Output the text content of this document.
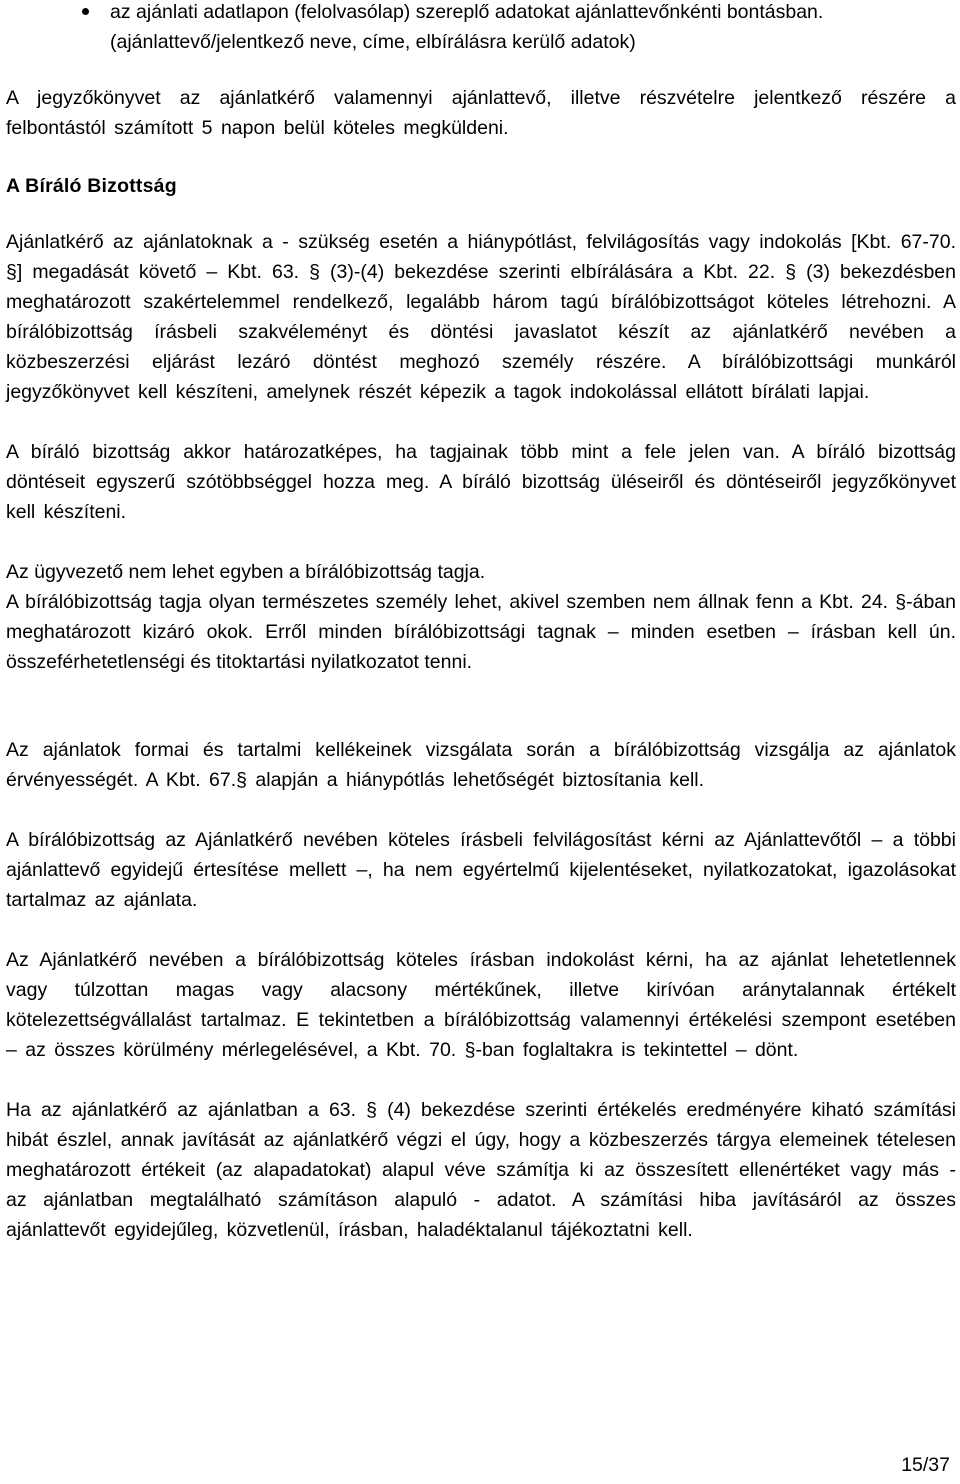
az ajánlati adatlapon (felolvasólap) szereplő adatokat ajánlattevőnkénti bontásban. (ajánlattevő/jelentkező neve, címe, elbírálásra kerülő adatok)

A jegyzőkönyvet az ajánlatkérő valamennyi ajánlattevő, illetve részvételre jelentkező részére a felbontástól számított 5 napon belül köteles megküldeni.

A Bíráló Bizottság

Ajánlatkérő az ajánlatoknak a - szükség esetén a hiánypótlást, felvilágosítás vagy indokolás [Kbt. 67-70. §] megadását követő – Kbt. 63. § (3)-(4) bekezdése szerinti elbírálására a Kbt. 22. § (3) bekezdésben meghatározott szakértelemmel rendelkező, legalább három tagú bírálóbizottságot köteles létrehozni. A bírálóbizottság írásbeli szakvéleményt és döntési javaslatot készít az ajánlatkérő nevében a közbeszerzési eljárást lezáró döntést meghozó személy részére. A bírálóbizottsági munkáról jegyzőkönyvet kell készíteni, amelynek részét képezik a tagok indokolással ellátott bírálati lapjai.

A bíráló bizottság akkor határozatképes, ha tagjainak több mint a fele jelen van. A bíráló bizottság döntéseit egyszerű szótöbbséggel hozza meg. A bíráló bizottság üléseiről és döntéseiről jegyzőkönyvet kell készíteni.

Az ügyvezető nem lehet egyben a bírálóbizottság tagja.

A bírálóbizottság tagja olyan természetes személy lehet, akivel szemben nem állnak fenn a Kbt. 24. §-ában meghatározott kizáró okok. Erről minden bírálóbizottsági tagnak – minden esetben – írásban kell ún. összeférhetetlenségi és titoktartási nyilatkozatot tenni.

Az ajánlatok formai és tartalmi kellékeinek vizsgálata során a bírálóbizottság vizsgálja az ajánlatok érvényességét. A Kbt. 67.§ alapján a hiánypótlás lehetőségét biztosítania kell.

A bírálóbizottság az Ajánlatkérő nevében köteles írásbeli felvilágosítást kérni az Ajánlattevőtől – a többi ajánlattevő egyidejű értesítése mellett –, ha nem egyértelmű kijelentéseket, nyilatkozatokat, igazolásokat tartalmaz az ajánlata.

Az Ajánlatkérő nevében a bírálóbizottság köteles írásban indokolást kérni, ha az ajánlat lehetetlennek vagy túlzottan magas vagy alacsony mértékűnek, illetve kirívóan aránytalannak értékelt kötelezettségvállalást tartalmaz. E tekintetben a bírálóbizottság valamennyi értékelési szempont esetében – az összes körülmény mérlegelésével, a Kbt. 70. §-ban foglaltakra is tekintettel – dönt.

Ha az ajánlatkérő az ajánlatban a 63. § (4) bekezdése szerinti értékelés eredményére kiható számítási hibát észlel, annak javítását az ajánlatkérő végzi el úgy, hogy a közbeszerzés tárgya elemeinek tételesen meghatározott értékeit (az alapadatokat) alapul véve számítja ki az összesített ellenértéket vagy más - az ajánlatban megtalálható számításon alapuló - adatot. A számítási hiba javításáról az összes ajánlattevőt egyidejűleg, közvetlenül, írásban, haladéktalanul tájékoztatni kell.

15/37
